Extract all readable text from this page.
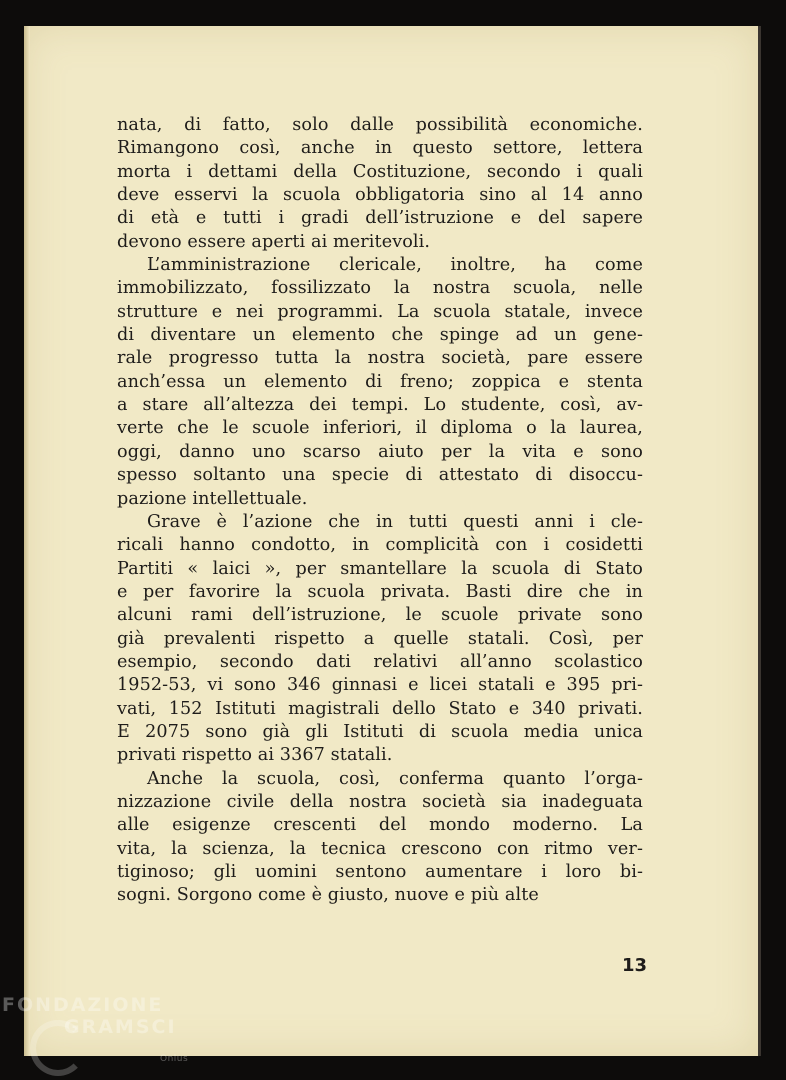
nata, di fatto, solo dalle possibilità economiche.
Rimangono così, anche in questo settore, lettera
morta i dettami della Costituzione, secondo i quali
deve esservi la scuola obbligatoria sino al 14 anno
di età e tutti i gradi dell’istruzione e del sapere
devono essere aperti ai meritevoli.

L’amministrazione clericale, inoltre, ha come
immobilizzato, fossilizzato la nostra scuola, nelle
strutture e nei programmi. La scuola statale, invece
di diventare un elemento che spinge ad un gene-
rale progresso tutta la nostra società, pare essere
anch’essa un elemento di freno; zoppica e stenta
a stare all’altezza dei tempi. Lo studente, così, av-
verte che le scuole inferiori, il diploma o la laurea,
oggi, danno uno scarso aiuto per la vita e sono
spesso soltanto una specie di attestato di disoccu-
pazione intellettuale.

Grave è l’azione che in tutti questi anni i cle-
ricali hanno condotto, in complicità con i cosidetti
Partiti « laici », per smantellare la scuola di Stato
e per favorire la scuola privata. Basti dire che in
alcuni rami dell’istruzione, le scuole private sono
già prevalenti rispetto a quelle statali. Così, per
esempio, secondo dati relativi all’anno scolastico
1952-53, vi sono 346 ginnasi e licei statali e 395 pri-
vati, 152 Istituti magistrali dello Stato e 340 privati.
E 2075 sono già gli Istituti di scuola media unica
privati rispetto ai 3367 statali.

Anche la scuola, così, conferma quanto l’orga-
nizzazione civile della nostra società sia inadeguata
alle esigenze crescenti del mondo moderno. La
vita, la scienza, la tecnica crescono con ritmo ver-
tiginoso; gli uomini sentono aumentare i loro bi-
sogni. Sorgono come è giusto, nuove e più alte

13
FONDAZIONE
GRAMSCI
Onlus
